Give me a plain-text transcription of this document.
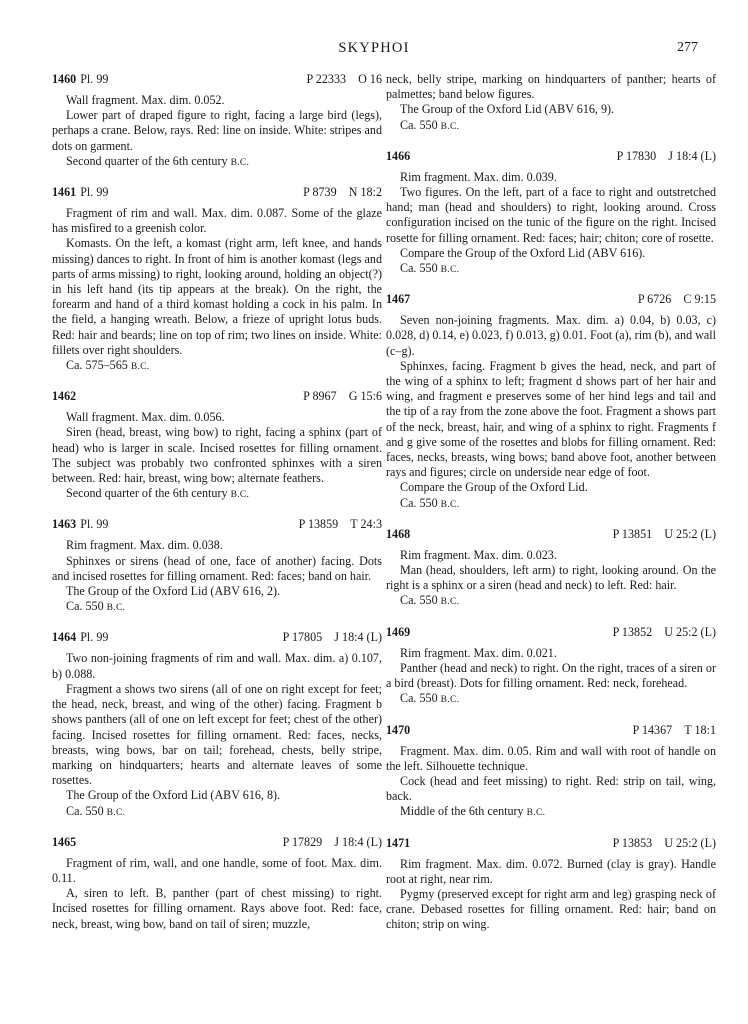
SKYPHOI	277
1460 Pl. 99	P 22333  O 16

Wall fragment. Max. dim. 0.052.

Lower part of draped figure to right, facing a large bird (legs), perhaps a crane. Below, rays. Red: line on inside. White: stripes and dots on garment.

Second quarter of the 6th century B.C.

1461 Pl. 99	P 8739  N 18:2

Fragment of rim and wall. Max. dim. 0.087. Some of the glaze has misfired to a greenish color.

Komasts. On the left, a komast (right arm, left knee, and hands missing) dances to right. In front of him is another komast (legs and parts of arms missing) to right, looking around, holding an object(?) in his left hand (its tip appears at the break). On the right, the forearm and hand of a third komast holding a cock in his palm. In the field, a hanging wreath. Below, a frieze of upright lotus buds. Red: hair and beards; line on top of rim; two lines on inside. White: fillets over right shoulders.

Ca. 575–565 B.C.

1462	P 8967  G 15:6

Wall fragment. Max. dim. 0.056.

Siren (head, breast, wing bow) to right, facing a sphinx (part of head) who is larger in scale. Incised rosettes for filling ornament. The subject was probably two confronted sphinxes with a siren between. Red: hair, breast, wing bow; alternate feathers.

Second quarter of the 6th century B.C.

1463 Pl. 99	P 13859  T 24:3

Rim fragment. Max. dim. 0.038.

Sphinxes or sirens (head of one, face of another) facing. Dots and incised rosettes for filling ornament. Red: faces; band on hair.

The Group of the Oxford Lid (ABV 616, 2).

Ca. 550 B.C.

1464 Pl. 99	P 17805  J 18:4 (L)

Two non-joining fragments of rim and wall. Max. dim. a) 0.107, b) 0.088.

Fragment a shows two sirens (all of one on right except for feet; the head, neck, breast, and wing of the other) facing. Fragment b shows panthers (all of one on left except for feet; chest of the other) facing. Incised rosettes for filling ornament. Red: faces, necks, breasts, wing bows, bar on tail; forehead, chests, belly stripe, marking on hindquarters; hearts and alternate leaves of some rosettes.

The Group of the Oxford Lid (ABV 616, 8).

Ca. 550 B.C.

1465	P 17829  J 18:4 (L)

Fragment of rim, wall, and one handle, some of foot. Max. dim. 0.11.

A, siren to left. B, panther (part of chest missing) to right. Incised rosettes for filling ornament. Rays above foot. Red: face, neck, breast, wing bow, band on tail of siren; muzzle,

neck, belly stripe, marking on hindquarters of panther; hearts of palmettes; band below figures.

The Group of the Oxford Lid (ABV 616, 9).

Ca. 550 B.C.

1466	P 17830  J 18:4 (L)

Rim fragment. Max. dim. 0.039.

Two figures. On the left, part of a face to right and outstretched hand; man (head and shoulders) to right, looking around. Cross configuration incised on the tunic of the figure on the right. Incised rosette for filling ornament. Red: faces; hair; chiton; core of rosette.

Compare the Group of the Oxford Lid (ABV 616).

Ca. 550 B.C.

1467	P 6726  C 9:15

Seven non-joining fragments. Max. dim. a) 0.04, b) 0.03, c) 0.028, d) 0.14, e) 0.023, f) 0.013, g) 0.01. Foot (a), rim (b), and wall (c–g).

Sphinxes, facing. Fragment b gives the head, neck, and part of the wing of a sphinx to left; fragment d shows part of her hair and wing, and fragment e preserves some of her hind legs and tail and the tip of a ray from the zone above the foot. Fragment a shows part of the neck, breast, hair, and wing of a sphinx to right. Fragments f and g give some of the rosettes and blobs for filling ornament. Red: faces, necks, breasts, wing bows; band above foot, another between rays and figures; circle on underside near edge of foot.

Compare the Group of the Oxford Lid.

Ca. 550 B.C.

1468	P 13851  U 25:2 (L)

Rim fragment. Max. dim. 0.023.

Man (head, shoulders, left arm) to right, looking around. On the right is a sphinx or a siren (head and neck) to left. Red: hair.

Ca. 550 B.C.

1469	P 13852  U 25:2 (L)

Rim fragment. Max. dim. 0.021.

Panther (head and neck) to right. On the right, traces of a siren or a bird (breast). Dots for filling ornament. Red: neck, forehead.

Ca. 550 B.C.

1470	P 14367  T 18:1

Fragment. Max. dim. 0.05. Rim and wall with root of handle on the left. Silhouette technique.

Cock (head and feet missing) to right. Red: strip on tail, wing, back.

Middle of the 6th century B.C.

1471	P 13853  U 25:2 (L)

Rim fragment. Max. dim. 0.072. Burned (clay is gray). Handle root at right, near rim.

Pygmy (preserved except for right arm and leg) grasping neck of crane. Debased rosettes for filling ornament. Red: hair; band on chiton; strip on wing.
